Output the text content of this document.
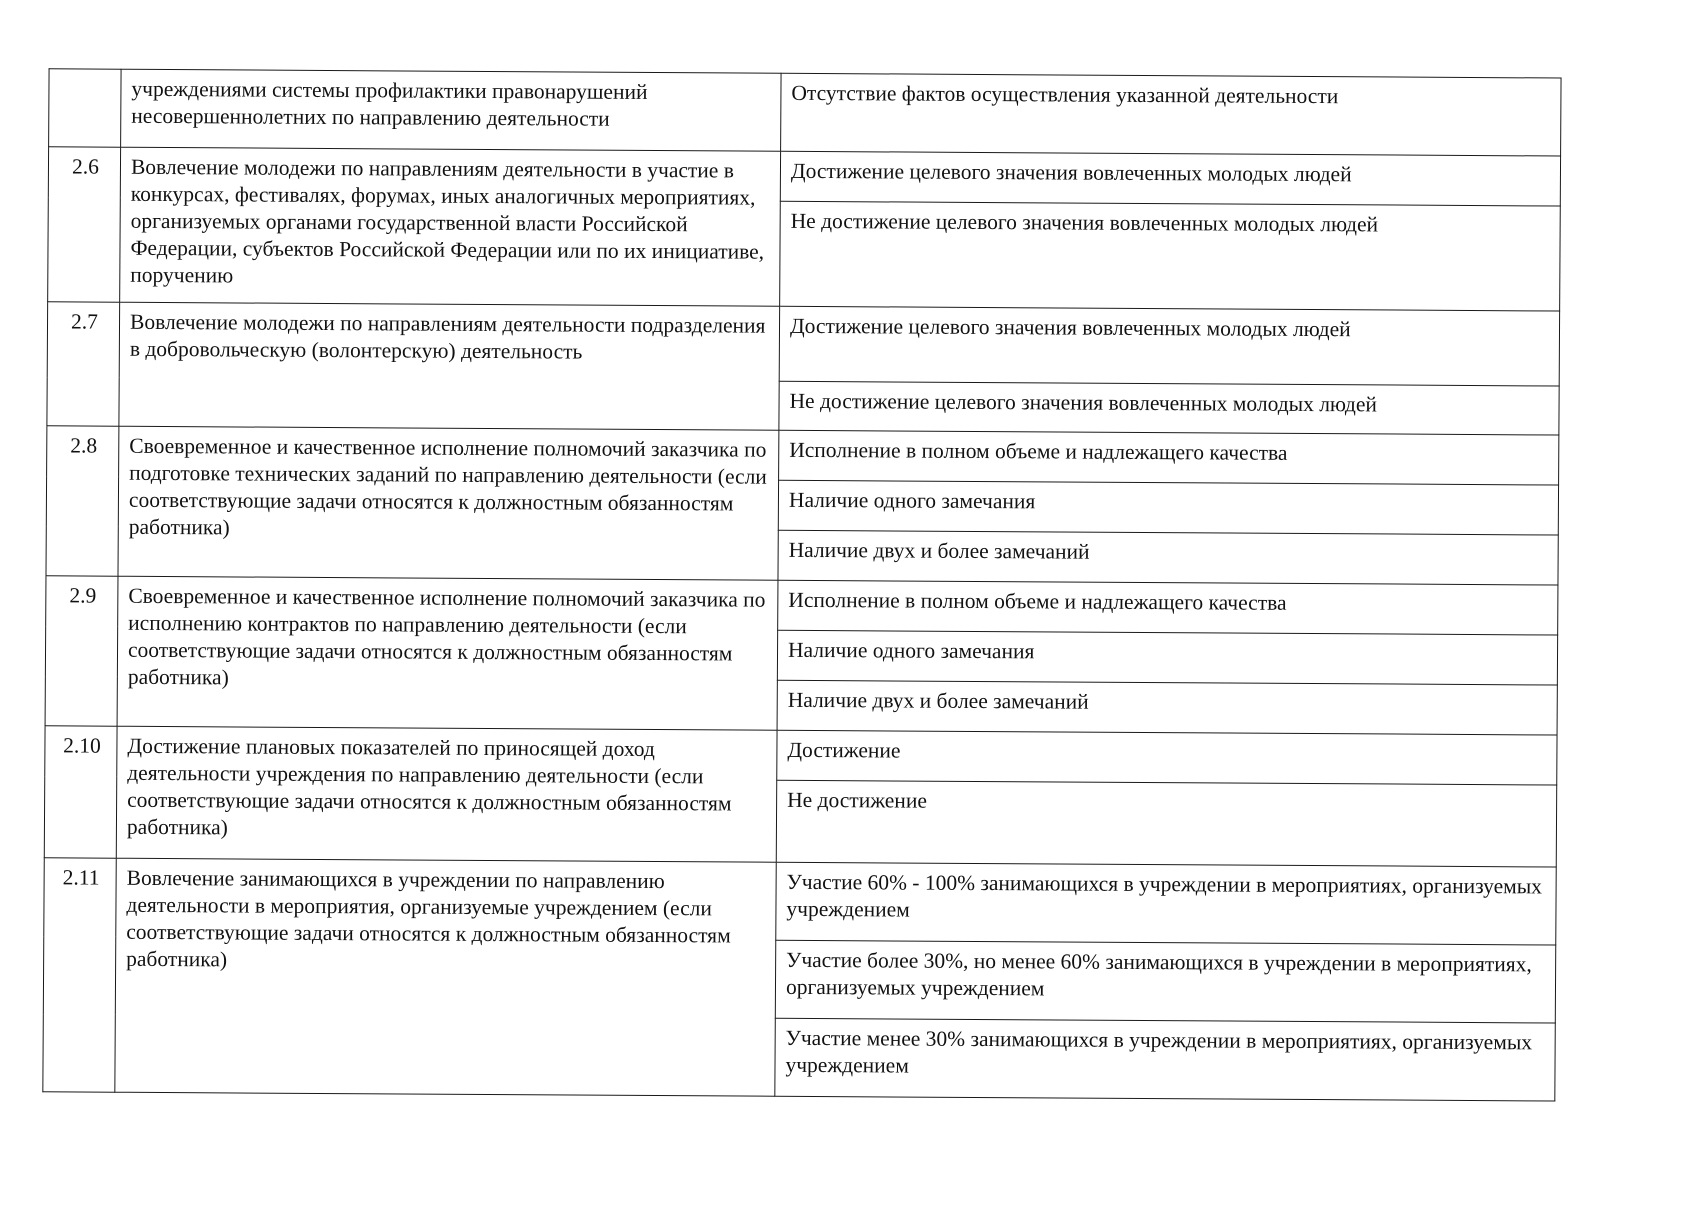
	учреждениями системы профилактики правонарушений несовершеннолетних по направлению деятельности	Отсутствие фактов осуществления указанной деятельности
2.6	Вовлечение молодежи по направлениям деятельности в участие в конкурсах, фестивалях, форумах, иных аналогичных мероприятиях, организуемых органами государственной власти Российской Федерации, субъектов Российской Федерации или по их инициативе, поручению	Достижение целевого значения вовлеченных молодых людей
		Не достижение целевого значения вовлеченных молодых людей
2.7	Вовлечение молодежи по направлениям деятельности подразделения в добровольческую (волонтерскую) деятельность	Достижение целевого значения вовлеченных молодых людей
		Не достижение целевого значения вовлеченных молодых людей
2.8	Своевременное и качественное исполнение полномочий заказчика по подготовке технических заданий по направлению деятельности (если соответствующие задачи относятся к должностным обязанностям работника)	Исполнение в полном объеме и надлежащего качества
		Наличие одного замечания
		Наличие двух и более замечаний
2.9	Своевременное и качественное исполнение полномочий заказчика по исполнению контрактов по направлению деятельности (если соответствующие задачи относятся к должностным обязанностям работника)	Исполнение в полном объеме и надлежащего качества
		Наличие одного замечания
		Наличие двух и более замечаний
2.10	Достижение плановых показателей по приносящей доход деятельности учреждения по направлению деятельности (если соответствующие задачи относятся к должностным обязанностям работника)	Достижение
		Не достижение
2.11	Вовлечение занимающихся в учреждении по направлению деятельности в мероприятия, организуемые учреждением (если соответствующие задачи относятся к должностным обязанностям работника)	Участие 60% - 100% занимающихся в учреждении в мероприятиях, организуемых учреждением
		Участие более 30%, но менее 60% занимающихся в учреждении в мероприятиях, организуемых учреждением
		Участие менее 30% занимающихся в учреждении в мероприятиях, организуемых учреждением
